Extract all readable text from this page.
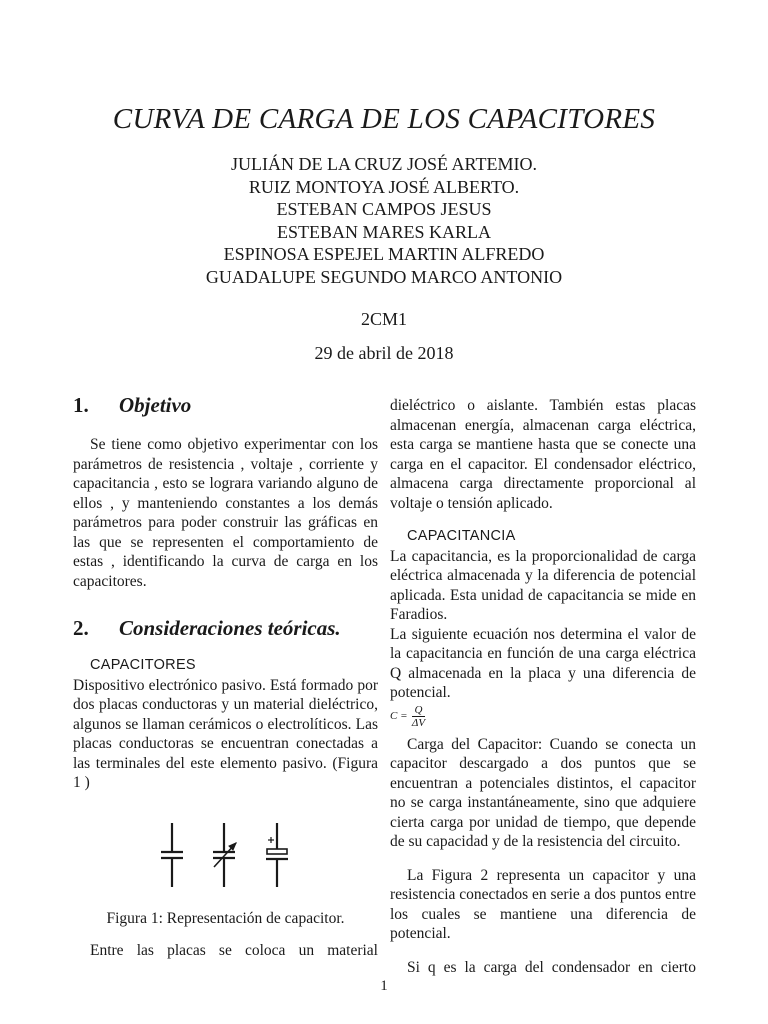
CURVA DE CARGA DE LOS CAPACITORES
JULIÁN DE LA CRUZ JOSÉ ARTEMIO.
RUIZ MONTOYA JOSÉ ALBERTO.
ESTEBAN CAMPOS JESUS
ESTEBAN MARES KARLA
ESPINOSA ESPEJEL MARTIN ALFREDO
GUADALUPE SEGUNDO MARCO ANTONIO
2CM1
29 de abril de 2018
1.	Objetivo

Se tiene como objetivo experimentar con los parámetros de resistencia , voltaje , corriente y capacitancia , esto se lograra variando alguno de ellos , y manteniendo constantes a los demás parámetros para poder construir las gráficas en las que se representen el comportamiento de estas , identificando la curva de carga en los capacitores.

2.	Consideraciones teóricas.

CAPACITORES

Dispositivo electrónico pasivo. Está formado por dos placas conductoras y un material dieléctrico, algunos se llaman cerámicos o electrolíticos. Las placas conductoras se encuentran conectadas a las terminales del este elemento pasivo. (Figura 1 )

Figura 1: Representación de capacitor.

Entre las placas se coloca un material

dieléctrico o aislante. También estas placas almacenan energía, almacenan carga eléctrica, esta carga se mantiene hasta que se conecte una carga en el capacitor. El condensador eléctrico, almacena carga directamente proporcional al voltaje o tensión aplicado.

CAPACITANCIA

La capacitancia, es la proporcionalidad de carga eléctrica almacenada y la diferencia de potencial aplicada. Esta unidad de capacitancia se mide en Faradios.

La siguiente ecuación nos determina el valor de la capacitancia en función de una carga eléctrica Q almacenada en la placa y una diferencia de potencial.

$C = \frac{Q}{\Delta V}$

Carga del Capacitor: Cuando se conecta un capacitor descargado a dos puntos que se encuentran a potenciales distintos, el capacitor no se carga instantáneamente, sino que adquiere cierta carga por unidad de tiempo, que depende de su capacidad y de la resistencia del circuito.

La Figura 2 representa un capacitor y una resistencia conectados en serie a dos puntos entre los cuales se mantiene una diferencia de potencial.

Si q es la carga del condensador en cierto

1
